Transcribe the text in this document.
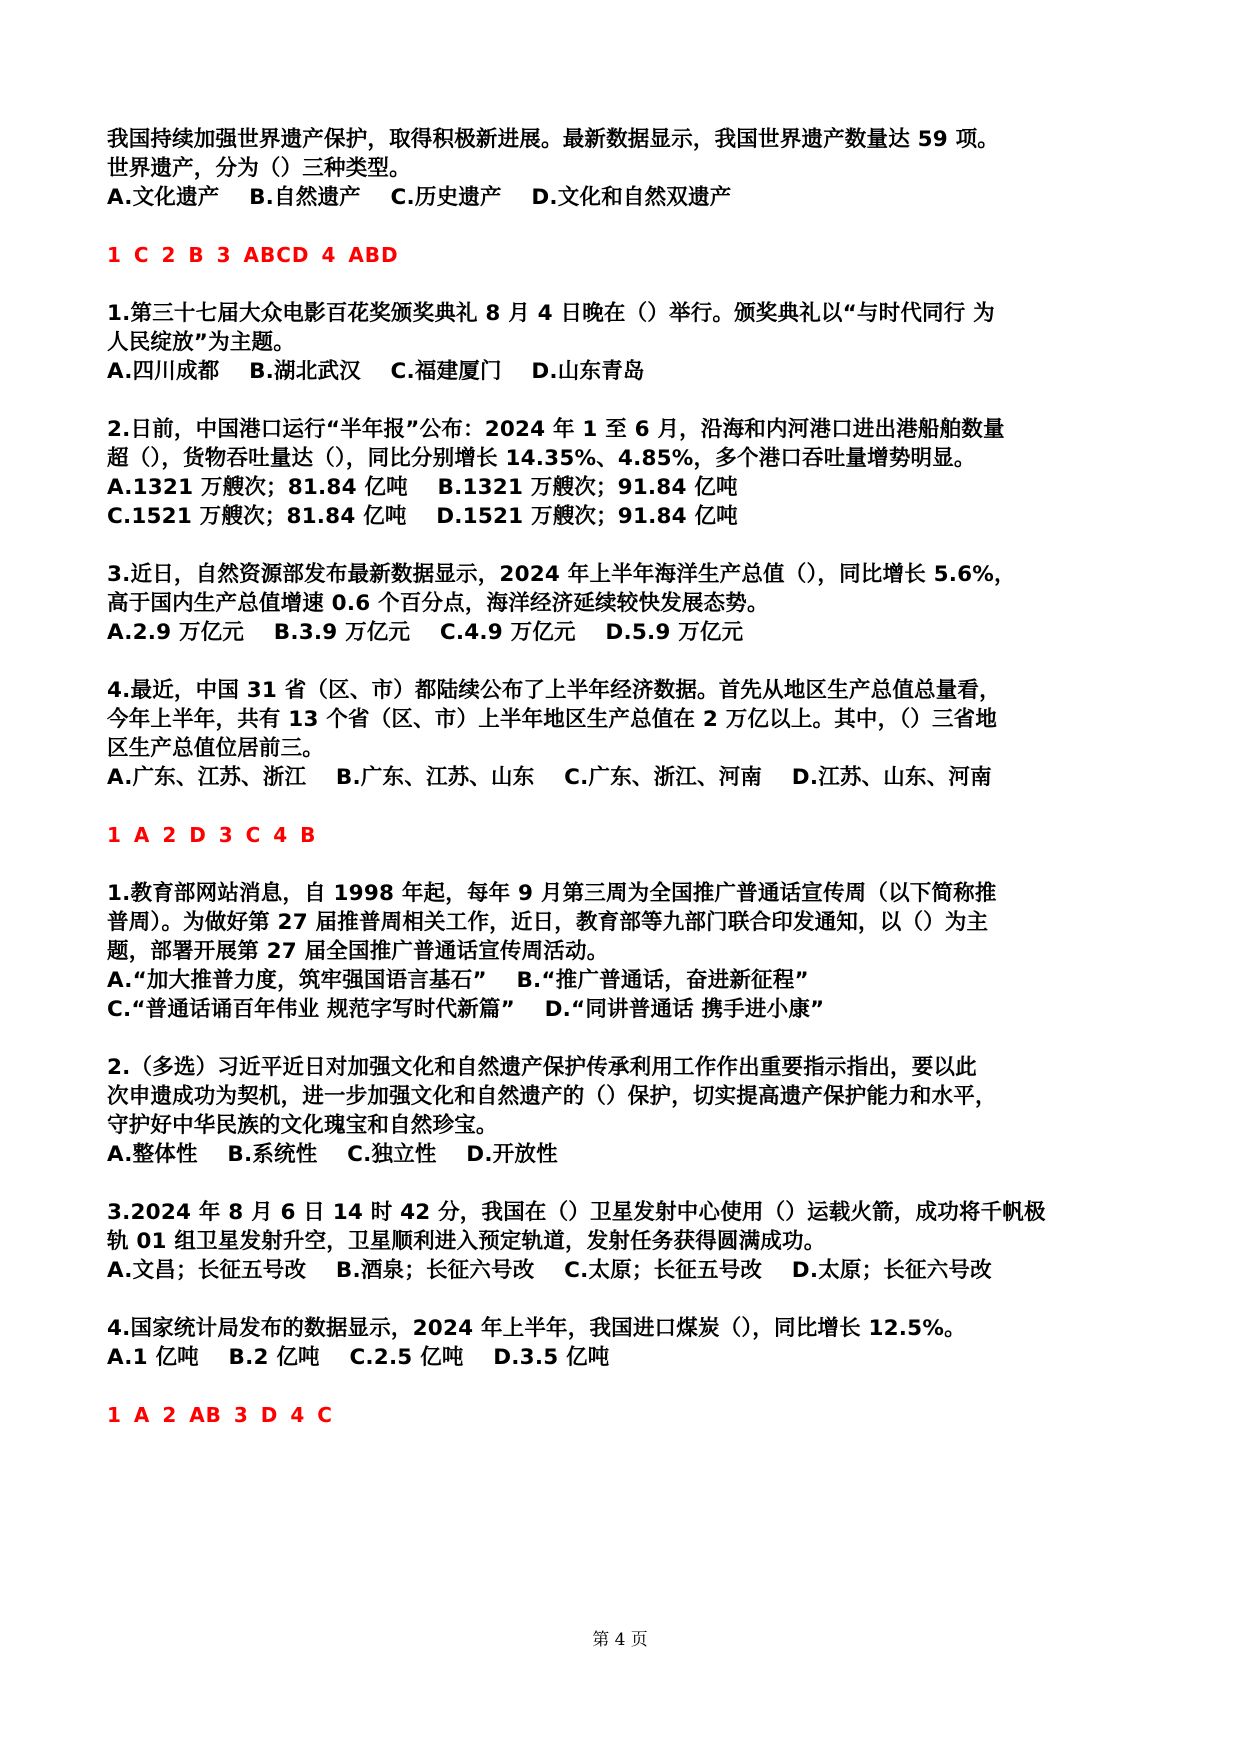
我国持续加强世界遗产保护，取得积极新进展。最新数据显示，我国世界遗产数量达 59 项。
世界遗产，分为（）三种类型。
A.文化遗产 B.自然遗产 C.历史遗产 D.文化和自然双遗产
1 C 2 B 3 ABCD 4 ABD
1.第三十七届大众电影百花奖颁奖典礼 8 月 4 日晚在（）举行。颁奖典礼以“与时代同行 为
人民绽放”为主题。
A.四川成都 B.湖北武汉 C.福建厦门 D.山东青岛
2.日前，中国港口运行“半年报”公布：2024 年 1 至 6 月，沿海和内河港口进出港船舶数量
超（），货物吞吐量达（），同比分别增长 14.35%、4.85%，多个港口吞吐量增势明显。
A.1321 万艘次；81.84 亿吨 B.1321 万艘次；91.84 亿吨
C.1521 万艘次；81.84 亿吨 D.1521 万艘次；91.84 亿吨
3.近日，自然资源部发布最新数据显示，2024 年上半年海洋生产总值（），同比增长 5.6%，
高于国内生产总值增速 0.6 个百分点，海洋经济延续较快发展态势。
A.2.9 万亿元 B.3.9 万亿元 C.4.9 万亿元 D.5.9 万亿元
4.最近，中国 31 省（区、市）都陆续公布了上半年经济数据。首先从地区生产总值总量看，
今年上半年，共有 13 个省（区、市）上半年地区生产总值在 2 万亿以上。其中，（）三省地
区生产总值位居前三。
A.广东、江苏、浙江 B.广东、江苏、山东 C.广东、浙江、河南 D.江苏、山东、河南
1 A 2 D 3 C 4 B
1.教育部网站消息，自 1998 年起，每年 9 月第三周为全国推广普通话宣传周（以下简称推
普周）。为做好第 27 届推普周相关工作，近日，教育部等九部门联合印发通知，以（）为主
题，部署开展第 27 届全国推广普通话宣传周活动。
A.“加大推普力度，筑牢强国语言基石” B.“推广普通话，奋进新征程”
C.“普通话诵百年伟业 规范字写时代新篇” D.“同讲普通话 携手进小康”
2.（多选）习近平近日对加强文化和自然遗产保护传承利用工作作出重要指示指出，要以此
次申遗成功为契机，进一步加强文化和自然遗产的（）保护，切实提高遗产保护能力和水平，
守护好中华民族的文化瑰宝和自然珍宝。
A.整体性 B.系统性 C.独立性 D.开放性
3.2024 年 8 月 6 日 14 时 42 分，我国在（）卫星发射中心使用（）运载火箭，成功将千帆极
轨 01 组卫星发射升空，卫星顺利进入预定轨道，发射任务获得圆满成功。
A.文昌；长征五号改 B.酒泉；长征六号改 C.太原；长征五号改 D.太原；长征六号改
4.国家统计局发布的数据显示，2024 年上半年，我国进口煤炭（），同比增长 12.5%。
A.1 亿吨 B.2 亿吨 C.2.5 亿吨 D.3.5 亿吨
1 A 2 AB 3 D 4 C
第 4 页
